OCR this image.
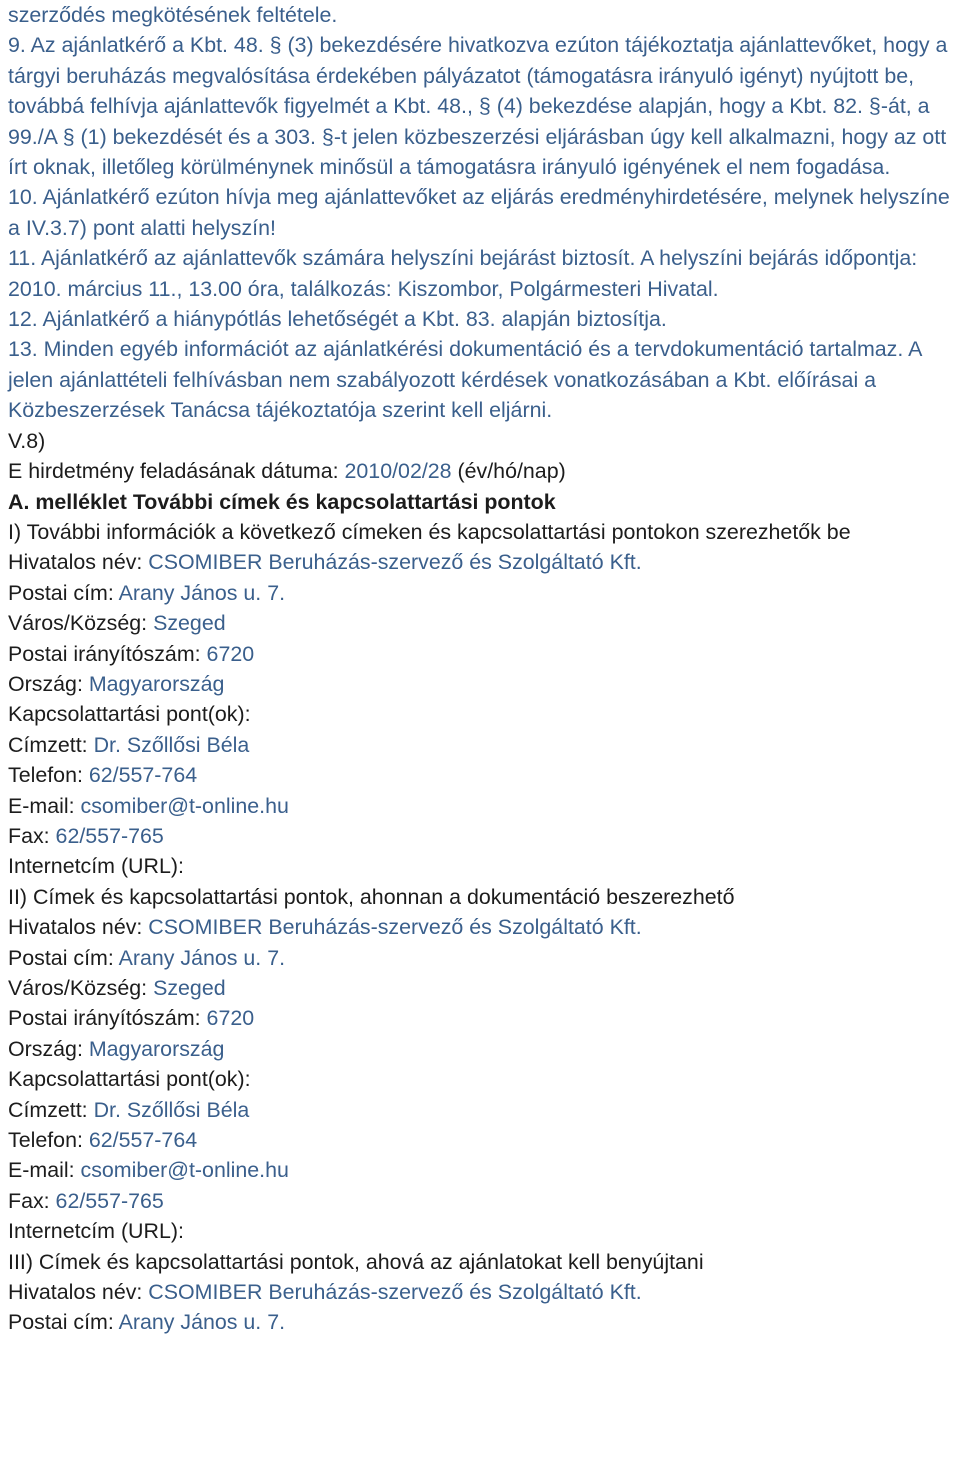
szerződés megkötésének feltétele.

9. Az ajánlatkérő a Kbt. 48. § (3) bekezdésére hivatkozva ezúton tájékoztatja ajánlattevőket, hogy a tárgyi beruházás megvalósítása érdekében pályázatot (támogatásra irányuló igényt) nyújtott be, továbbá felhívja ajánlattevők figyelmét a Kbt. 48., § (4) bekezdése alapján, hogy a Kbt. 82. §-át, a 99./A § (1) bekezdését és a 303. §-t jelen közbeszerzési eljárásban úgy kell alkalmazni, hogy az ott írt oknak, illetőleg körülménynek minősül a támogatásra irányuló igényének el nem fogadása.

10. Ajánlatkérő ezúton hívja meg ajánlattevőket az eljárás eredményhirdetésére, melynek helyszíne a IV.3.7) pont alatti helyszín!

11. Ajánlatkérő az ajánlattevők számára helyszíni bejárást biztosít. A helyszíni bejárás időpontja: 2010. március 11., 13.00 óra, találkozás: Kiszombor, Polgármesteri Hivatal.

12. Ajánlatkérő a hiánypótlás lehetőségét a Kbt. 83. alapján biztosítja.

13. Minden egyéb információt az ajánlatkérési dokumentáció és a tervdokumentáció tartalmaz. A jelen ajánlattételi felhívásban nem szabályozott kérdések vonatkozásában a Kbt. előírásai a Közbeszerzések Tanácsa tájékoztatója szerint kell eljárni.

V.8)
E hirdetmény feladásának dátuma: 2010/02/28 (év/hó/nap)
A. melléklet További címek és kapcsolattartási pontok
I) További információk a következő címeken és kapcsolattartási pontokon szerezhetők be
Hivatalos név: CSOMIBER Beruházás-szervező és Szolgáltató Kft.
Postai cím: Arany János u. 7.
Város/Község: Szeged
Postai irányítószám: 6720
Ország: Magyarország
Kapcsolattartási pont(ok):
Címzett: Dr. Szőllősi Béla
Telefon: 62/557-764
E-mail: csomiber@t-online.hu
Fax: 62/557-765
Internetcím (URL):
II) Címek és kapcsolattartási pontok, ahonnan a dokumentáció beszerezhető
Hivatalos név: CSOMIBER Beruházás-szervező és Szolgáltató Kft.
Postai cím: Arany János u. 7.
Város/Község: Szeged
Postai irányítószám: 6720
Ország: Magyarország
Kapcsolattartási pont(ok):
Címzett: Dr. Szőllősi Béla
Telefon: 62/557-764
E-mail: csomiber@t-online.hu
Fax: 62/557-765
Internetcím (URL):
III) Címek és kapcsolattartási pontok, ahová az ajánlatokat kell benyújtani
Hivatalos név: CSOMIBER Beruházás-szervező és Szolgáltató Kft.
Postai cím: Arany János u. 7.
